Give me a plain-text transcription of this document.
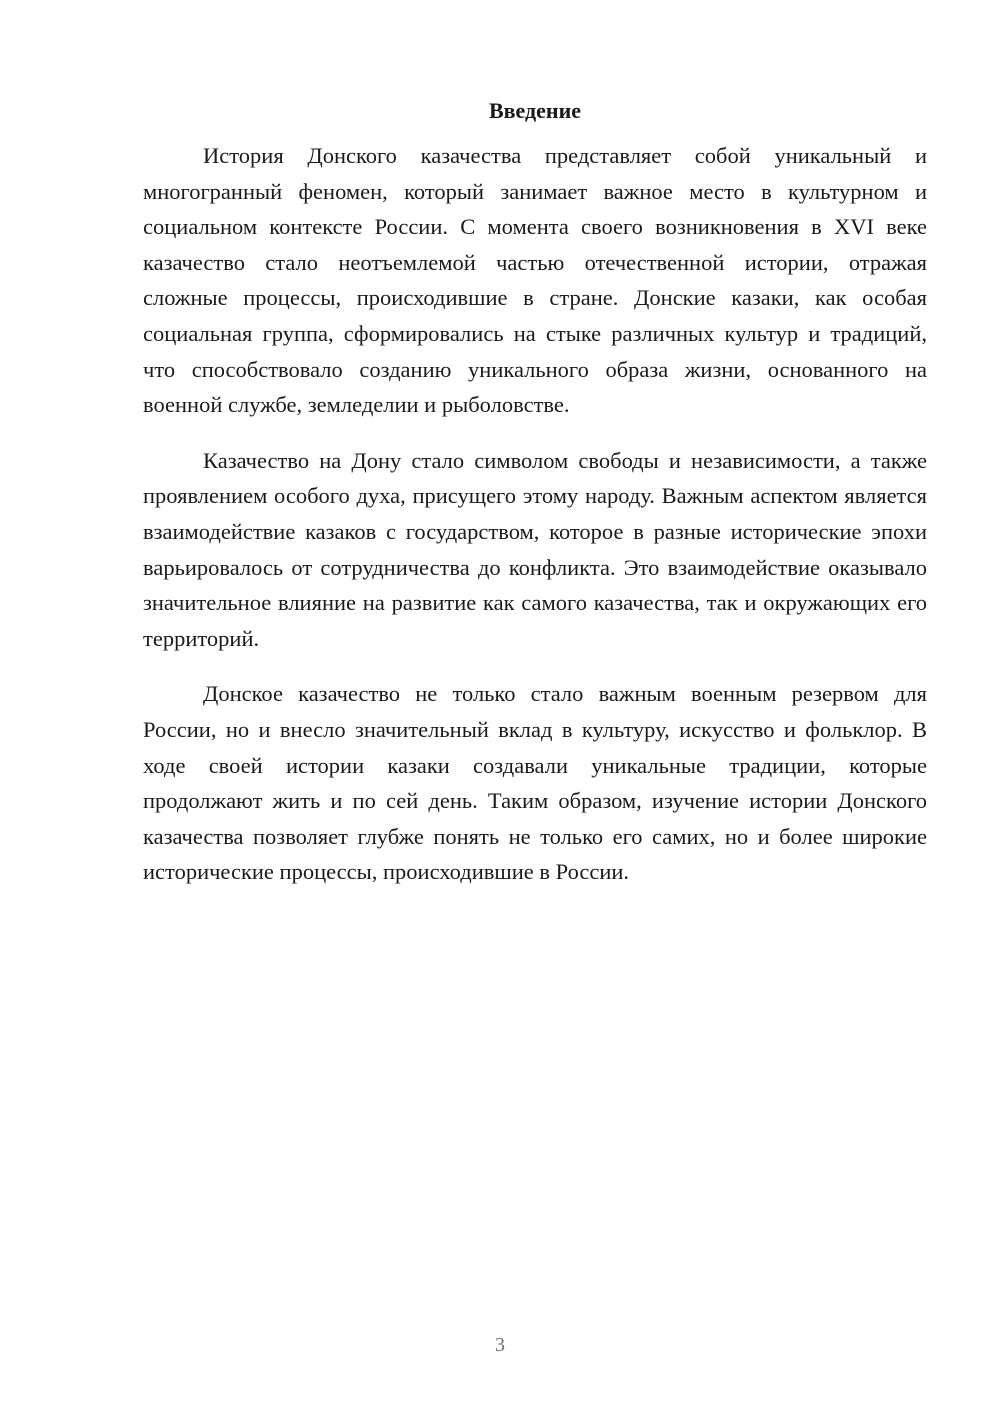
Введение

История Донского казачества представляет собой уникальный и многогранный феномен, который занимает важное место в культурном и социальном контексте России. С момента своего возникновения в XVI веке казачество стало неотъемлемой частью отечественной истории, отражая сложные процессы, происходившие в стране. Донские казаки, как особая социальная группа, сформировались на стыке различных культур и традиций, что способствовало созданию уникального образа жизни, основанного на военной службе, земледелии и рыболовстве.

Казачество на Дону стало символом свободы и независимости, а также проявлением особого духа, присущего этому народу. Важным аспектом является взаимодействие казаков с государством, которое в разные исторические эпохи варьировалось от сотрудничества до конфликта. Это взаимодействие оказывало значительное влияние на развитие как самого казачества, так и окружающих его территорий.

Донское казачество не только стало важным военным резервом для России, но и внесло значительный вклад в культуру, искусство и фольклор. В ходе своей истории казаки создавали уникальные традиции, которые продолжают жить и по сей день. Таким образом, изучение истории Донского казачества позволяет глубже понять не только его самих, но и более широкие исторические процессы, происходившие в России.

3
